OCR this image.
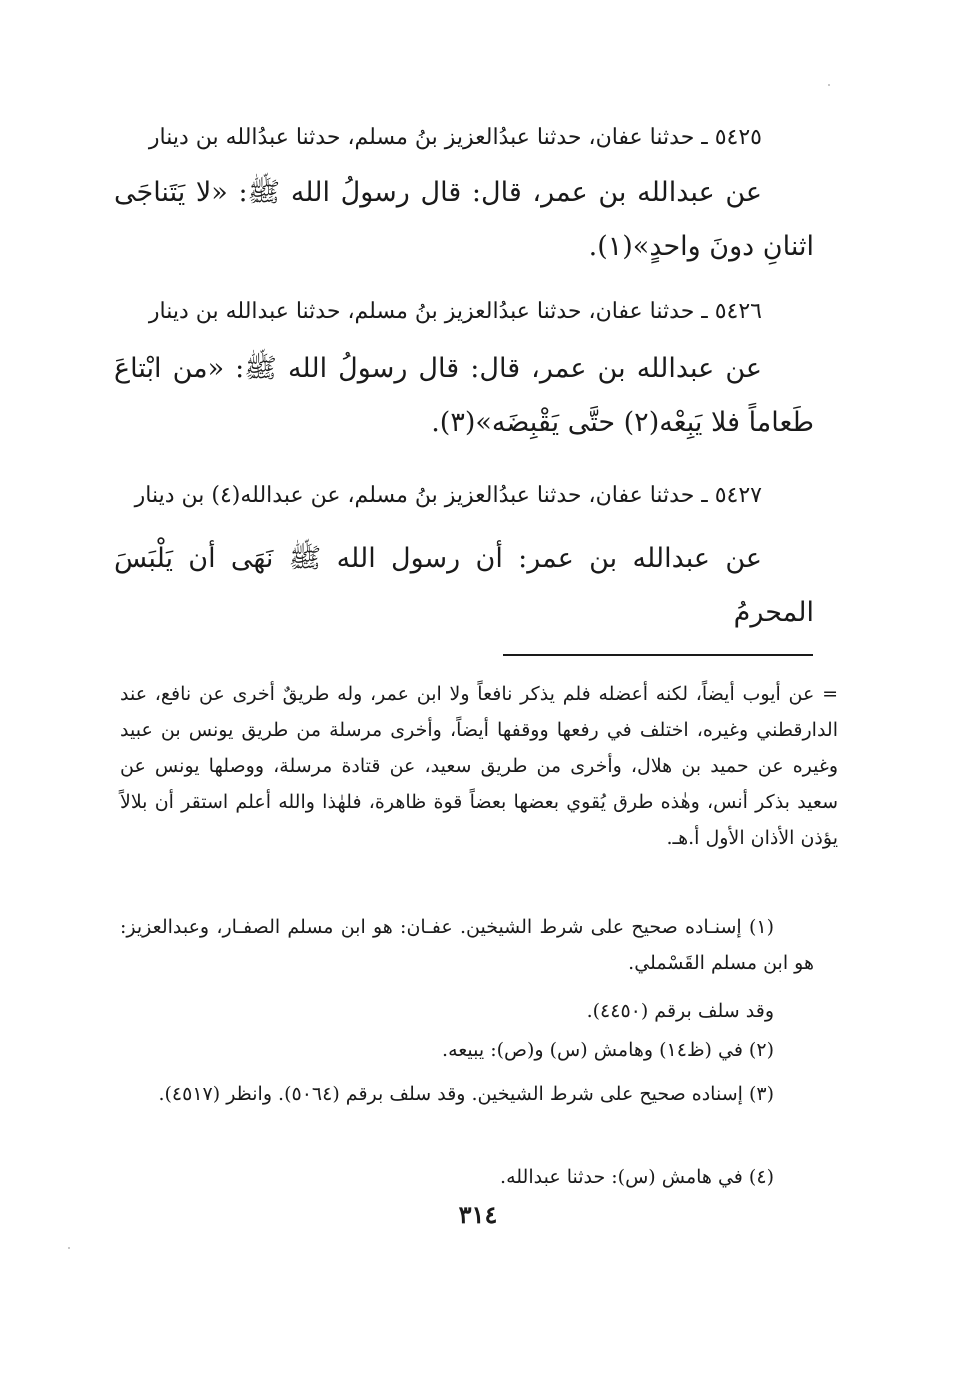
٥٤٢٥ ـ حدثنا عفان، حدثنا عبدُالعزيز بنُ مسلم، حدثنا عبدُالله بن دينار
عن عبدالله بن عمر، قال: قال رسولُ الله ﷺ: «لا يَتَناجَى اثنانِ دونَ واحدٍ»(١).
٥٤٢٦ ـ حدثنا عفان، حدثنا عبدُالعزيز بنُ مسلم، حدثنا عبدالله بن دينار
عن عبدالله بن عمر، قال: قال رسولُ الله ﷺ: «من ابْتاعَ طَعاماً فلا يَبِعْه(٢) حتَّى يَقْبِضَه»(٣).
٥٤٢٧ ـ حدثنا عفان، حدثنا عبدُالعزيز بنُ مسلم، عن عبدالله(٤) بن دينار
عن عبدالله بن عمر: أن رسول الله ﷺ نَهَى أن يَلْبَسَ المحرمُ

= عن أيوب أيضاً، لكنه أعضله فلم يذكر نافعاً ولا ابن عمر، وله طريقٌ أخرى عن نافع، عند الدارقطني وغيره، اختلف في رفعها ووقفها أيضاً، وأخرى مرسلة من طريق يونس بن عبيد وغيره عن حميد بن هلال، وأخرى من طريق سعيد، عن قتادة مرسلة، ووصلها يونس عن سعيد بذكر أنس، وهٰذه طرق يُقوي بعضها بعضاً قوة ظاهرة، فلهٰذا والله أعلم استقر أن بلالاً يؤذن الأذان الأول أ.هـ.

(١) إسنـاده صحيح على شرط الشيخين. عفـان: هو ابن مسلم الصفـار، وعبدالعزيز: هو ابن مسلم القَسْملي.

وقد سلف برقم (٤٤٥٠).

(٢) في (ظ١٤) وهامش (س) و(ص): يبيعه.

(٣) إسناده صحيح على شرط الشيخين. وقد سلف برقم (٥٠٦٤). وانظر (٤٥١٧).

(٤) في هامش (س): حدثنا عبدالله.

٣١٤
